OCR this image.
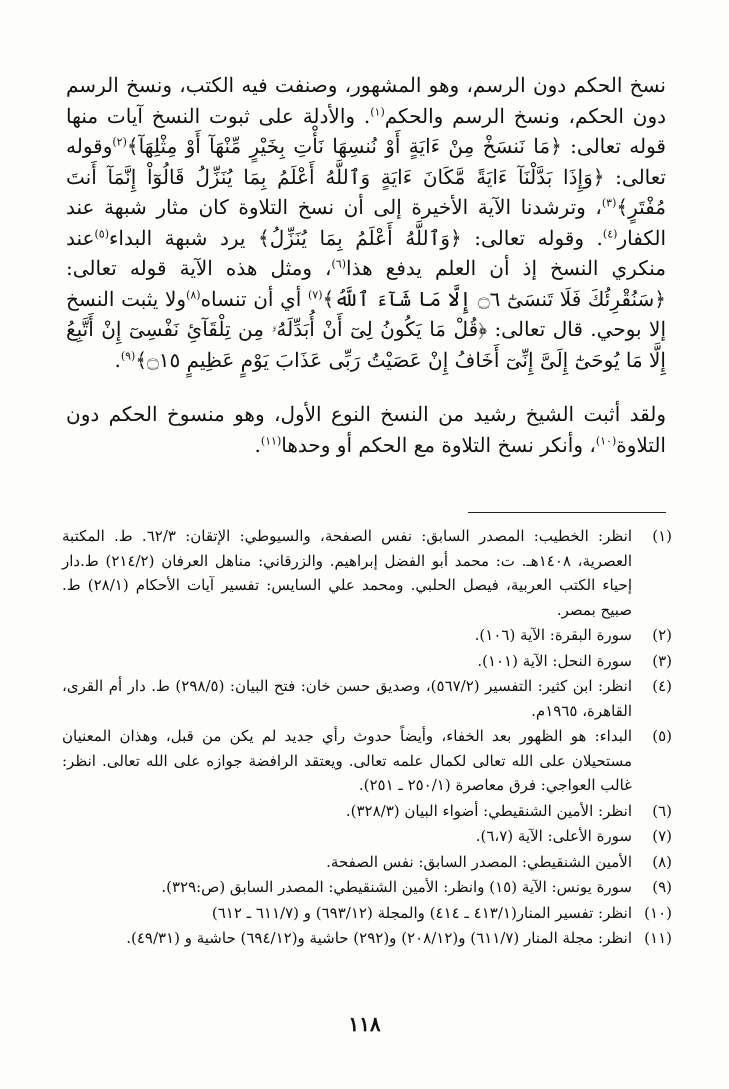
نسخ الحكم دون الرسم، وهو المشهور، وصنفت فيه الكتب، ونسخ الرسم دون الحكم، ونسخ الرسم والحكم$^{(١)}$. والأدلة على ثبوت النسخ آيات منها قوله تعالى: ﴿مَا نَنسَخْ مِنْ ءَايَةٍ أَوْ نُنسِهَا نَأْتِ بِخَيْرٍ مِّنْهَآ أَوْ مِثْلِهَآ﴾$^{(٢)}$وقوله تعالى: ﴿وَإِذَا بَدَّلْنَآ ءَايَةً مَّكَانَ ءَايَةٍ وَٱللَّهُ أَعْلَمُ بِمَا يُنَزِّلُ قَالُوٓاْ إِنَّمَآ أَنتَ مُفْتَرٍ﴾$^{(٣)}$، وترشدنا الآية الأخيرة إلى أن نسخ التلاوة كان مثار شبهة عند الكفار$^{(٤)}$. وقوله تعالى: ﴿وَٱللَّهُ أَعْلَمُ بِمَا يُنَزِّلُ﴾ يرد شبهة البداء$^{(٥)}$عند منكري النسخ إذ أن العلم يدفع هذا$^{(٦)}$، ومثل هذه الآية قوله تعالى: ﴿سَنُقْرِئُكَ فَلَا تَنسَىٰٓ ۝٦ إِلَّا مَا شَآءَ ٱللَّهُ﴾$^{(٧)}$ أي أن تنساه$^{(٨)}$ولا يثبت النسخ إلا بوحي. قال تعالى: ﴿قُلْ مَا يَكُونُ لِىٓ أَنْ أُبَدِّلَهُۥ مِن تِلْقَآئِ نَفْسِىٓ إِنْ أَتَّبِعُ إِلَّا مَا يُوحَىٰٓ إِلَىَّ إِنِّىٓ أَخَافُ إِنْ عَصَيْتُ رَبِّى عَذَابَ يَوْمٍ عَظِيمٍ ۝١٥﴾$^{(٩)}$.

ولقد أثبت الشيخ رشيد من النسخ النوع الأول، وهو منسوخ الحكم دون التلاوة$^{(١٠)}$، وأنكر نسخ التلاوة مع الحكم أو وحدها$^{(١١)}$.

(١)
انظر: الخطيب: المصدر السابق: نفس الصفحة، والسيوطي: الإتقان: ٦٢/٣. ط. المكتبة العصرية، ١٤٠٨هـ. ت: محمد أبو الفضل إبراهيم. والزرقاني: مناهل العرفان (٢١٤/٢) ط.دار إحياء الكتب العربية، فيصل الحلبي. ومحمد علي السايس: تفسير آيات الأحكام (٢٨/١) ط. صبيح بمصر.
(٢)
سورة البقرة: الآية (١٠٦).
(٣)
سورة النحل: الآية (١٠١).
(٤)
انظر: ابن كثير: التفسير (٥٦٧/٢)، وصديق حسن خان: فتح البيان: (٢٩٨/٥) ط. دار أم القرى، القاهرة، ١٩٦٥م.
(٥)
البداء: هو الظهور بعد الخفاء، وأيضاً حدوث رأي جديد لم يكن من قبل، وهذان المعنيان مستحيلان على الله تعالى لكمال علمه تعالى. ويعتقد الرافضة جوازه على الله تعالى. انظر: غالب العواجي: فرق معاصرة (٢٥٠/١ ـ ٢٥١).
(٦)
انظر: الأمين الشنقيطي: أضواء البيان (٣٢٨/٣).
(٧)
سورة الأعلى: الآية (٦،٧).
(٨)
الأمين الشنقيطي: المصدر السابق: نفس الصفحة.
(٩)
سورة يونس: الآية (١٥) وانظر: الأمين الشنقيطي: المصدر السابق (ص:٣٢٩).
(١٠)
انظر: تفسير المنار(٤١٣/١ ـ ٤١٤) والمجلة (٦٩٣/١٢) و (٦١١/٧ ـ ٦١٢)
(١١)
انظر: مجلة المنار (٦١١/٧) و(٢٠٨/١٢) و(٢٩٢) حاشية و(٦٩٤/١٢) حاشية و (٤٩/٣١).
١١٨
